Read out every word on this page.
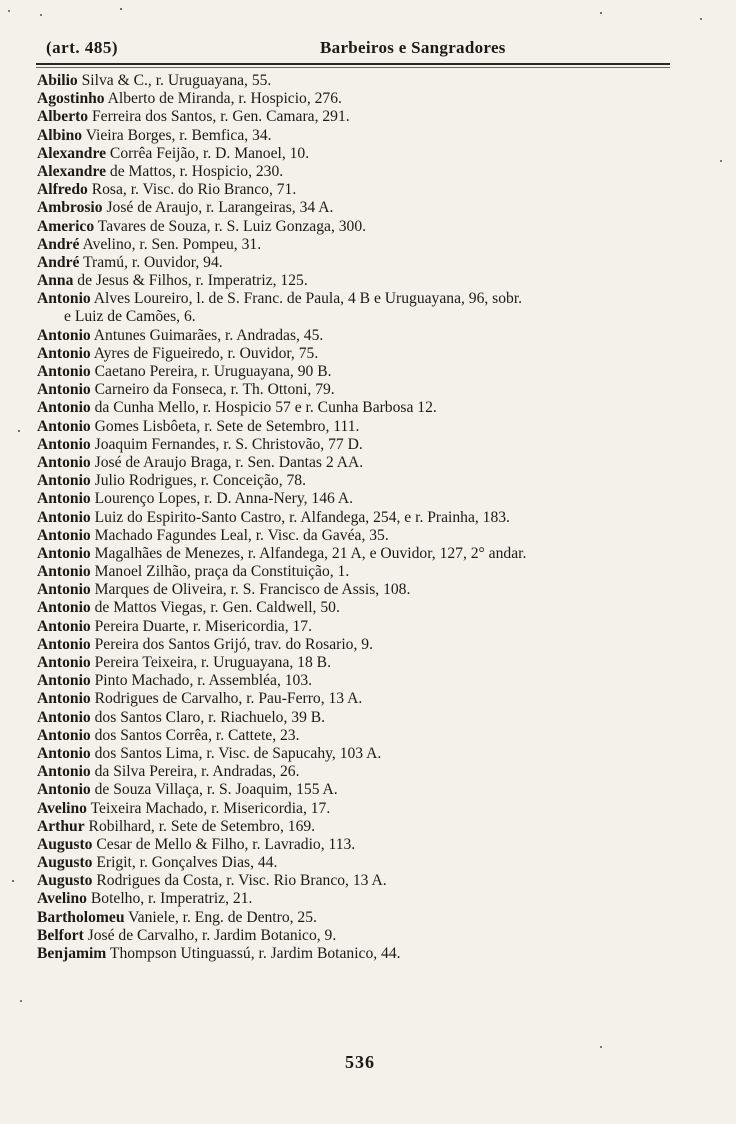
(art. 485)	Barbeiros e Sangradores
Abilio Silva & C., r. Uruguayana, 55.
Agostinho Alberto de Miranda, r. Hospicio, 276.
Alberto Ferreira dos Santos, r. Gen. Camara, 291.
Albino Vieira Borges, r. Bemfica, 34.
Alexandre Corrêa Feijão, r. D. Manoel, 10.
Alexandre de Mattos, r. Hospicio, 230.
Alfredo Rosa, r. Visc. do Rio Branco, 71.
Ambrosio José de Araujo, r. Larangeiras, 34 A.
Americo Tavares de Souza, r. S. Luiz Gonzaga, 300.
André Avelino, r. Sen. Pompeu, 31.
André Tramú, r. Ouvidor, 94.
Anna de Jesus & Filhos, r. Imperatriz, 125.
Antonio Alves Loureiro, l. de S. Franc. de Paula, 4 B e Uruguayana, 96, sobr.
e Luiz de Camões, 6.
Antonio Antunes Guimarães, r. Andradas, 45.
Antonio Ayres de Figueiredo, r. Ouvidor, 75.
Antonio Caetano Pereira, r. Uruguayana, 90 B.
Antonio Carneiro da Fonseca, r. Th. Ottoni, 79.
Antonio da Cunha Mello, r. Hospicio 57 e r. Cunha Barbosa 12.
Antonio Gomes Lisbôeta, r. Sete de Setembro, 111.
Antonio Joaquim Fernandes, r. S. Christovão, 77 D.
Antonio José de Araujo Braga, r. Sen. Dantas 2 AA.
Antonio Julio Rodrigues, r. Conceição, 78.
Antonio Lourenço Lopes, r. D. Anna-Nery, 146 A.
Antonio Luiz do Espirito-Santo Castro, r. Alfandega, 254, e r. Prainha, 183.
Antonio Machado Fagundes Leal, r. Visc. da Gavéa, 35.
Antonio Magalhães de Menezes, r. Alfandega, 21 A, e Ouvidor, 127, 2° andar.
Antonio Manoel Zilhão, praça da Constituição, 1.
Antonio Marques de Oliveira, r. S. Francisco de Assis, 108.
Antonio de Mattos Viegas, r. Gen. Caldwell, 50.
Antonio Pereira Duarte, r. Misericordia, 17.
Antonio Pereira dos Santos Grijó, trav. do Rosario, 9.
Antonio Pereira Teixeira, r. Uruguayana, 18 B.
Antonio Pinto Machado, r. Assembléa, 103.
Antonio Rodrigues de Carvalho, r. Pau-Ferro, 13 A.
Antonio dos Santos Claro, r. Riachuelo, 39 B.
Antonio dos Santos Corrêa, r. Cattete, 23.
Antonio dos Santos Lima, r. Visc. de Sapucahy, 103 A.
Antonio da Silva Pereira, r. Andradas, 26.
Antonio de Souza Villaça, r. S. Joaquim, 155 A.
Avelino Teixeira Machado, r. Misericordia, 17.
Arthur Robilhard, r. Sete de Setembro, 169.
Augusto Cesar de Mello & Filho, r. Lavradio, 113.
Augusto Erigit, r. Gonçalves Dias, 44.
Augusto Rodrigues da Costa, r. Visc. Rio Branco, 13 A.
Avelino Botelho, r. Imperatriz, 21.
Bartholomeu Vaniele, r. Eng. de Dentro, 25.
Belfort José de Carvalho, r. Jardim Botanico, 9.
Benjamim Thompson Utinguassú, r. Jardim Botanico, 44.
536
